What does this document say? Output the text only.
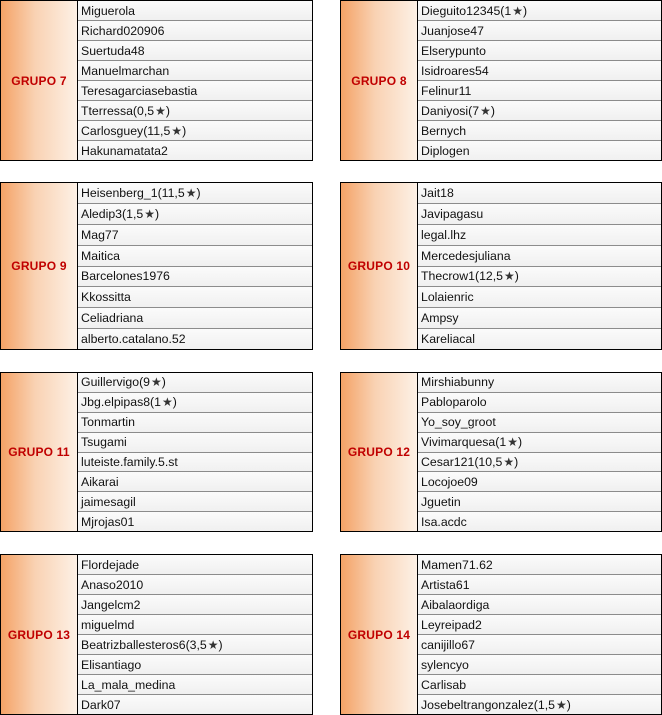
GRUPO 7
Miguerola
Richard020906
Suertuda48
Manuelmarchan
Teresagarciasebastia
Tterressa(0,5 ★ )
Carlosguey(11,5 ★ )
Hakunamatata2
GRUPO 8
Dieguito12345(1 ★ )
Juanjose47
Elserypunto
Isidroares54
Felinur11
Daniyosi(7 ★ )
Bernych
Diplogen
GRUPO 9
Heisenberg_1(11,5 ★ )
Aledip3(1,5 ★ )
Mag77
Maitica
Barcelones1976
Kkossitta
Celiadriana
alberto.catalano.52
GRUPO 10
Jait18
Javipagasu
legal.lhz
Mercedesjuliana
Thecrow1(12,5 ★ )
Lolaienric
Ampsy
Kareliacal
GRUPO 11
Guillervigo(9 ★ )
Jbg.elpipas8(1 ★ )
Tonmartin
Tsugami
luteiste.family.5.st
Aikarai
jaimesagil
Mjrojas01
GRUPO 12
Mirshiabunny
Pabloparolo
Yo_soy_groot
Vivimarquesa(1 ★ )
Cesar121(10,5 ★ )
Locojoe09
Jguetin
Isa.acdc
GRUPO 13
Flordejade
Anaso2010
Jangelcm2
miguelmd
Beatrizballesteros6(3,5 ★ )
Elisantiago
La_mala_medina
Dark07
GRUPO 14
Mamen71.62
Artista61
Aibalaordiga
Leyreipad2
canijillo67
sylencyo
Carlisab
Josebeltrangonzalez(1,5 ★ )
